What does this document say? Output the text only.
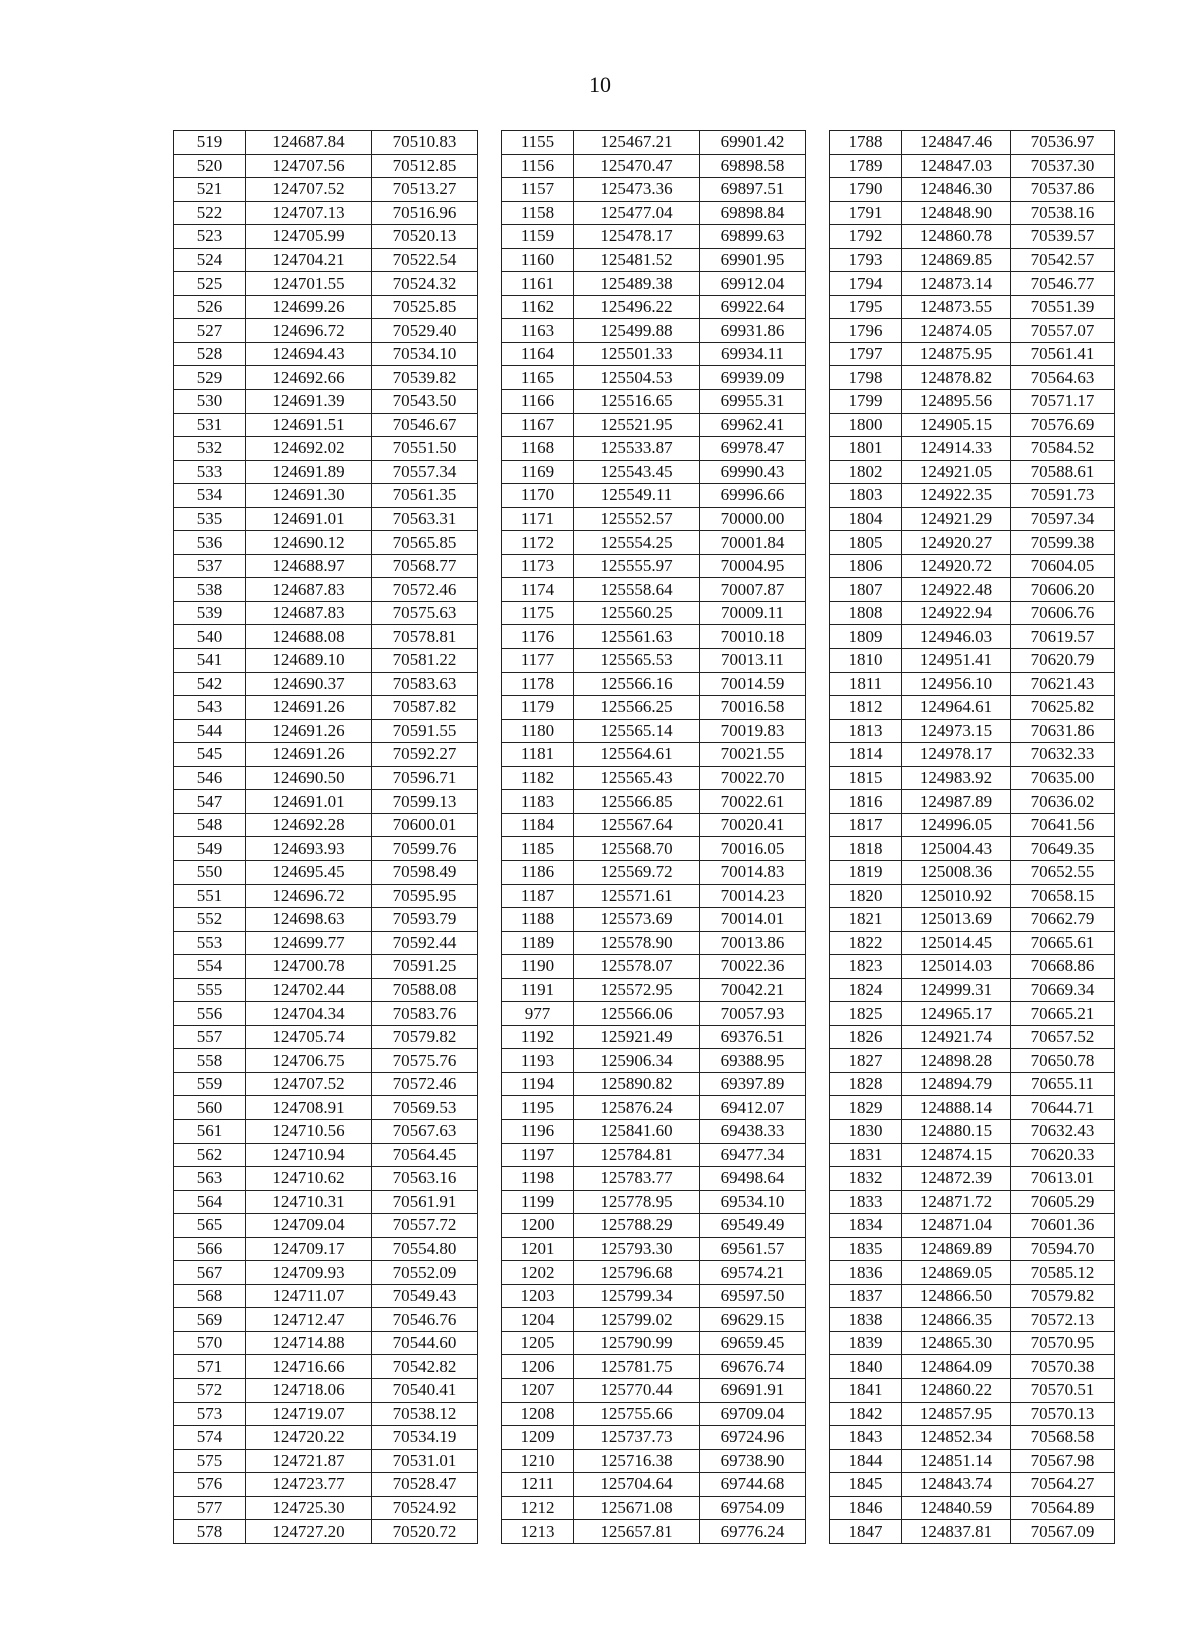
10
519	124687.84	70510.83		1155	125467.21	69901.42		1788	124847.46	70536.97
520	124707.56	70512.85		1156	125470.47	69898.58		1789	124847.03	70537.30
521	124707.52	70513.27		1157	125473.36	69897.51		1790	124846.30	70537.86
522	124707.13	70516.96		1158	125477.04	69898.84		1791	124848.90	70538.16
523	124705.99	70520.13		1159	125478.17	69899.63		1792	124860.78	70539.57
524	124704.21	70522.54		1160	125481.52	69901.95		1793	124869.85	70542.57
525	124701.55	70524.32		1161	125489.38	69912.04		1794	124873.14	70546.77
526	124699.26	70525.85		1162	125496.22	69922.64		1795	124873.55	70551.39
527	124696.72	70529.40		1163	125499.88	69931.86		1796	124874.05	70557.07
528	124694.43	70534.10		1164	125501.33	69934.11		1797	124875.95	70561.41
529	124692.66	70539.82		1165	125504.53	69939.09		1798	124878.82	70564.63
530	124691.39	70543.50		1166	125516.65	69955.31		1799	124895.56	70571.17
531	124691.51	70546.67		1167	125521.95	69962.41		1800	124905.15	70576.69
532	124692.02	70551.50		1168	125533.87	69978.47		1801	124914.33	70584.52
533	124691.89	70557.34		1169	125543.45	69990.43		1802	124921.05	70588.61
534	124691.30	70561.35		1170	125549.11	69996.66		1803	124922.35	70591.73
535	124691.01	70563.31		1171	125552.57	70000.00		1804	124921.29	70597.34
536	124690.12	70565.85		1172	125554.25	70001.84		1805	124920.27	70599.38
537	124688.97	70568.77		1173	125555.97	70004.95		1806	124920.72	70604.05
538	124687.83	70572.46		1174	125558.64	70007.87		1807	124922.48	70606.20
539	124687.83	70575.63		1175	125560.25	70009.11		1808	124922.94	70606.76
540	124688.08	70578.81		1176	125561.63	70010.18		1809	124946.03	70619.57
541	124689.10	70581.22		1177	125565.53	70013.11		1810	124951.41	70620.79
542	124690.37	70583.63		1178	125566.16	70014.59		1811	124956.10	70621.43
543	124691.26	70587.82		1179	125566.25	70016.58		1812	124964.61	70625.82
544	124691.26	70591.55		1180	125565.14	70019.83		1813	124973.15	70631.86
545	124691.26	70592.27		1181	125564.61	70021.55		1814	124978.17	70632.33
546	124690.50	70596.71		1182	125565.43	70022.70		1815	124983.92	70635.00
547	124691.01	70599.13		1183	125566.85	70022.61		1816	124987.89	70636.02
548	124692.28	70600.01		1184	125567.64	70020.41		1817	124996.05	70641.56
549	124693.93	70599.76		1185	125568.70	70016.05		1818	125004.43	70649.35
550	124695.45	70598.49		1186	125569.72	70014.83		1819	125008.36	70652.55
551	124696.72	70595.95		1187	125571.61	70014.23		1820	125010.92	70658.15
552	124698.63	70593.79		1188	125573.69	70014.01		1821	125013.69	70662.79
553	124699.77	70592.44		1189	125578.90	70013.86		1822	125014.45	70665.61
554	124700.78	70591.25		1190	125578.07	70022.36		1823	125014.03	70668.86
555	124702.44	70588.08		1191	125572.95	70042.21		1824	124999.31	70669.34
556	124704.34	70583.76		977	125566.06	70057.93		1825	124965.17	70665.21
557	124705.74	70579.82		1192	125921.49	69376.51		1826	124921.74	70657.52
558	124706.75	70575.76		1193	125906.34	69388.95		1827	124898.28	70650.78
559	124707.52	70572.46		1194	125890.82	69397.89		1828	124894.79	70655.11
560	124708.91	70569.53		1195	125876.24	69412.07		1829	124888.14	70644.71
561	124710.56	70567.63		1196	125841.60	69438.33		1830	124880.15	70632.43
562	124710.94	70564.45		1197	125784.81	69477.34		1831	124874.15	70620.33
563	124710.62	70563.16		1198	125783.77	69498.64		1832	124872.39	70613.01
564	124710.31	70561.91		1199	125778.95	69534.10		1833	124871.72	70605.29
565	124709.04	70557.72		1200	125788.29	69549.49		1834	124871.04	70601.36
566	124709.17	70554.80		1201	125793.30	69561.57		1835	124869.89	70594.70
567	124709.93	70552.09		1202	125796.68	69574.21		1836	124869.05	70585.12
568	124711.07	70549.43		1203	125799.34	69597.50		1837	124866.50	70579.82
569	124712.47	70546.76		1204	125799.02	69629.15		1838	124866.35	70572.13
570	124714.88	70544.60		1205	125790.99	69659.45		1839	124865.30	70570.95
571	124716.66	70542.82		1206	125781.75	69676.74		1840	124864.09	70570.38
572	124718.06	70540.41		1207	125770.44	69691.91		1841	124860.22	70570.51
573	124719.07	70538.12		1208	125755.66	69709.04		1842	124857.95	70570.13
574	124720.22	70534.19		1209	125737.73	69724.96		1843	124852.34	70568.58
575	124721.87	70531.01		1210	125716.38	69738.90		1844	124851.14	70567.98
576	124723.77	70528.47		1211	125704.64	69744.68		1845	124843.74	70564.27
577	124725.30	70524.92		1212	125671.08	69754.09		1846	124840.59	70564.89
578	124727.20	70520.72		1213	125657.81	69776.24		1847	124837.81	70567.09
